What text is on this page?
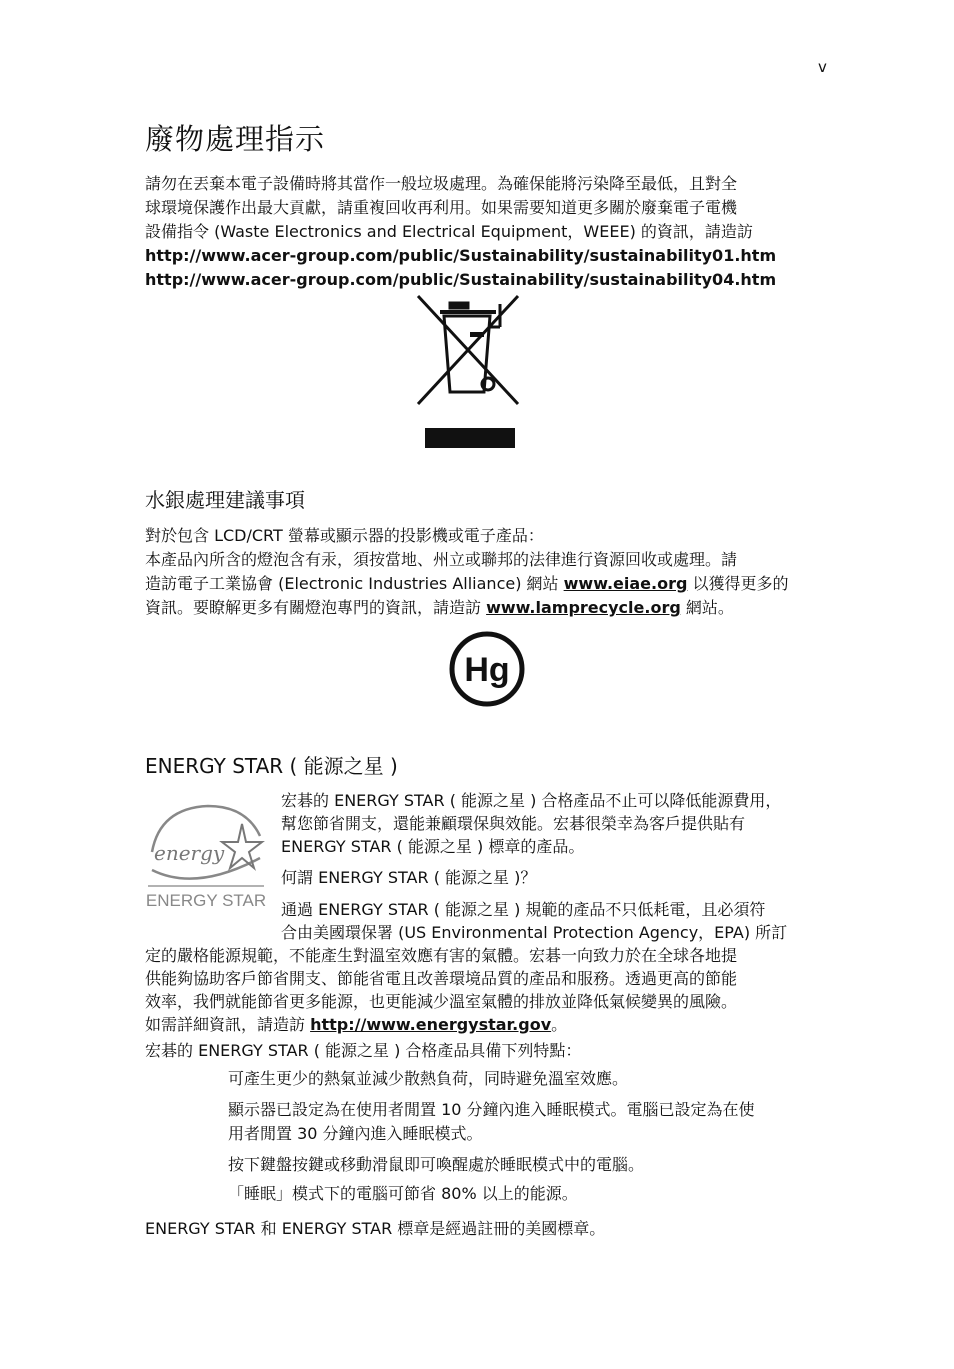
v
廢物處理指示
請勿在丟棄本電子設備時將其當作一般垃圾處理。為確保能將污染降至最低，且對全
球環境保護作出最大貢獻，請重複回收再利用。如果需要知道更多關於廢棄電子電機
設備指令 (Waste Electronics and Electrical Equipment，WEEE) 的資訊，請造訪
http://www.acer-group.com/public/Sustainability/sustainability01.htm
http://www.acer-group.com/public/Sustainability/sustainability04.htm
水銀處理建議事項
對於包含 LCD/CRT 螢幕或顯示器的投影機或電子產品：
本產品內所含的燈泡含有汞，須按當地、州立或聯邦的法律進行資源回收或處理。請
造訪電子工業協會 (Electronic Industries Alliance) 網站 www.eiae.org 以獲得更多的
資訊。要瞭解更多有關燈泡專門的資訊，請造訪 www.lamprecycle.org 網站。
Hg
ENERGY STAR ( 能源之星 )
energy
ENERGY STAR
宏碁的 ENERGY STAR ( 能源之星 ) 合格產品不止可以降低能源費用，
幫您節省開支，還能兼顧環保與效能。宏碁很榮幸為客戶提供貼有
ENERGY STAR ( 能源之星 ) 標章的產品。
何謂 ENERGY STAR ( 能源之星 )？
通過 ENERGY STAR ( 能源之星 ) 規範的產品不只低耗電，且必須符
合由美國環保署 (US Environmental Protection Agency，EPA) 所訂
定的嚴格能源規範，不能產生對溫室效應有害的氣體。宏碁一向致力於在全球各地提
供能夠協助客戶節省開支、節能省電且改善環境品質的產品和服務。透過更高的節能
效率，我們就能節省更多能源，也更能減少溫室氣體的排放並降低氣候變異的風險。
如需詳細資訊，請造訪 http://www.energystar.gov。
宏碁的 ENERGY STAR ( 能源之星 ) 合格產品具備下列特點：
可產生更少的熱氣並減少散熱負荷，同時避免溫室效應。
顯示器已設定為在使用者閒置 10 分鐘內進入睡眠模式。電腦已設定為在使
用者閒置 30 分鐘內進入睡眠模式。
按下鍵盤按鍵或移動滑鼠即可喚醒處於睡眠模式中的電腦。
「睡眠」模式下的電腦可節省 80% 以上的能源。
ENERGY STAR 和 ENERGY STAR 標章是經過註冊的美國標章。
